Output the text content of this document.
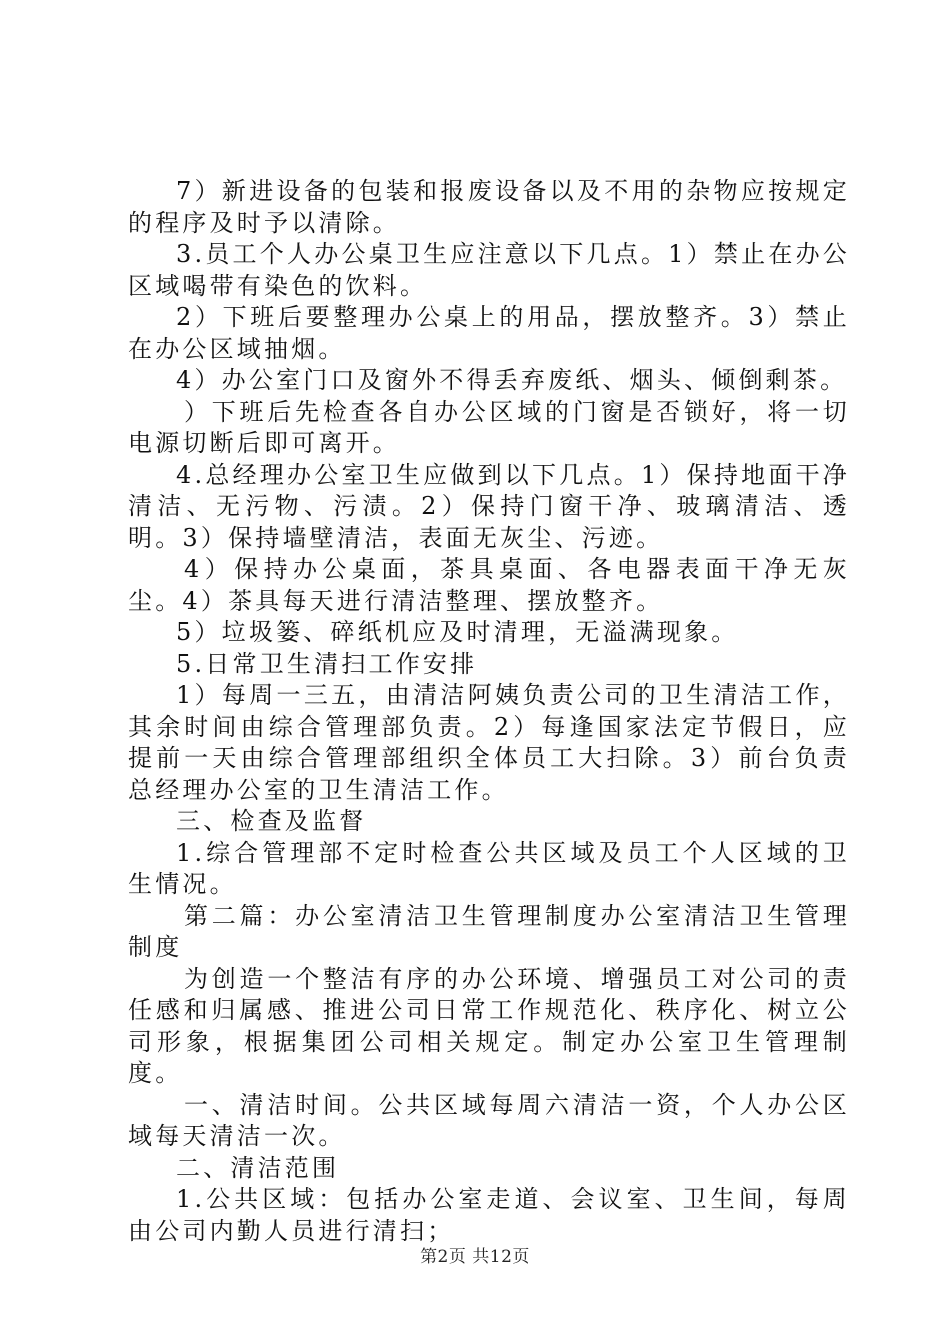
7）新进设备的包装和报废设备以及不用的杂物应按规定的程序及时予以清除。

3.员工个人办公桌卫生应注意以下几点。1）禁止在办公区域喝带有染色的饮料。

2）下班后要整理办公桌上的用品，摆放整齐。3）禁止在办公区域抽烟。

4）办公室门口及窗外不得丢弃废纸、烟头、倾倒剩茶。

）下班后先检查各自办公区域的门窗是否锁好，将一切电源切断后即可离开。

4.总经理办公室卫生应做到以下几点。1）保持地面干净清洁、无污物、污渍。2）保持门窗干净、玻璃清洁、透明。3）保持墙壁清洁，表面无灰尘、污迹。

4）保持办公桌面，茶具桌面、各电器表面干净无灰尘。4）茶具每天进行清洁整理、摆放整齐。

5）垃圾篓、碎纸机应及时清理，无溢满现象。

5.日常卫生清扫工作安排

1）每周一三五，由清洁阿姨负责公司的卫生清洁工作，其余时间由综合管理部负责。2）每逢国家法定节假日，应提前一天由综合管理部组织全体员工大扫除。3）前台负责总经理办公室的卫生清洁工作。

三、检查及监督

1.综合管理部不定时检查公共区域及员工个人区域的卫生情况。

第二篇：办公室清洁卫生管理制度办公室清洁卫生管理制度

为创造一个整洁有序的办公环境、增强员工对公司的责任感和归属感、推进公司日常工作规范化、秩序化、树立公司形象，根据集团公司相关规定。制定办公室卫生管理制度。

一、清洁时间。公共区域每周六清洁一资，个人办公区域每天清洁一次。

二、清洁范围

1.公共区域：包括办公室走道、会议室、卫生间，每周由公司内勤人员进行清扫；

第2页 共12页
